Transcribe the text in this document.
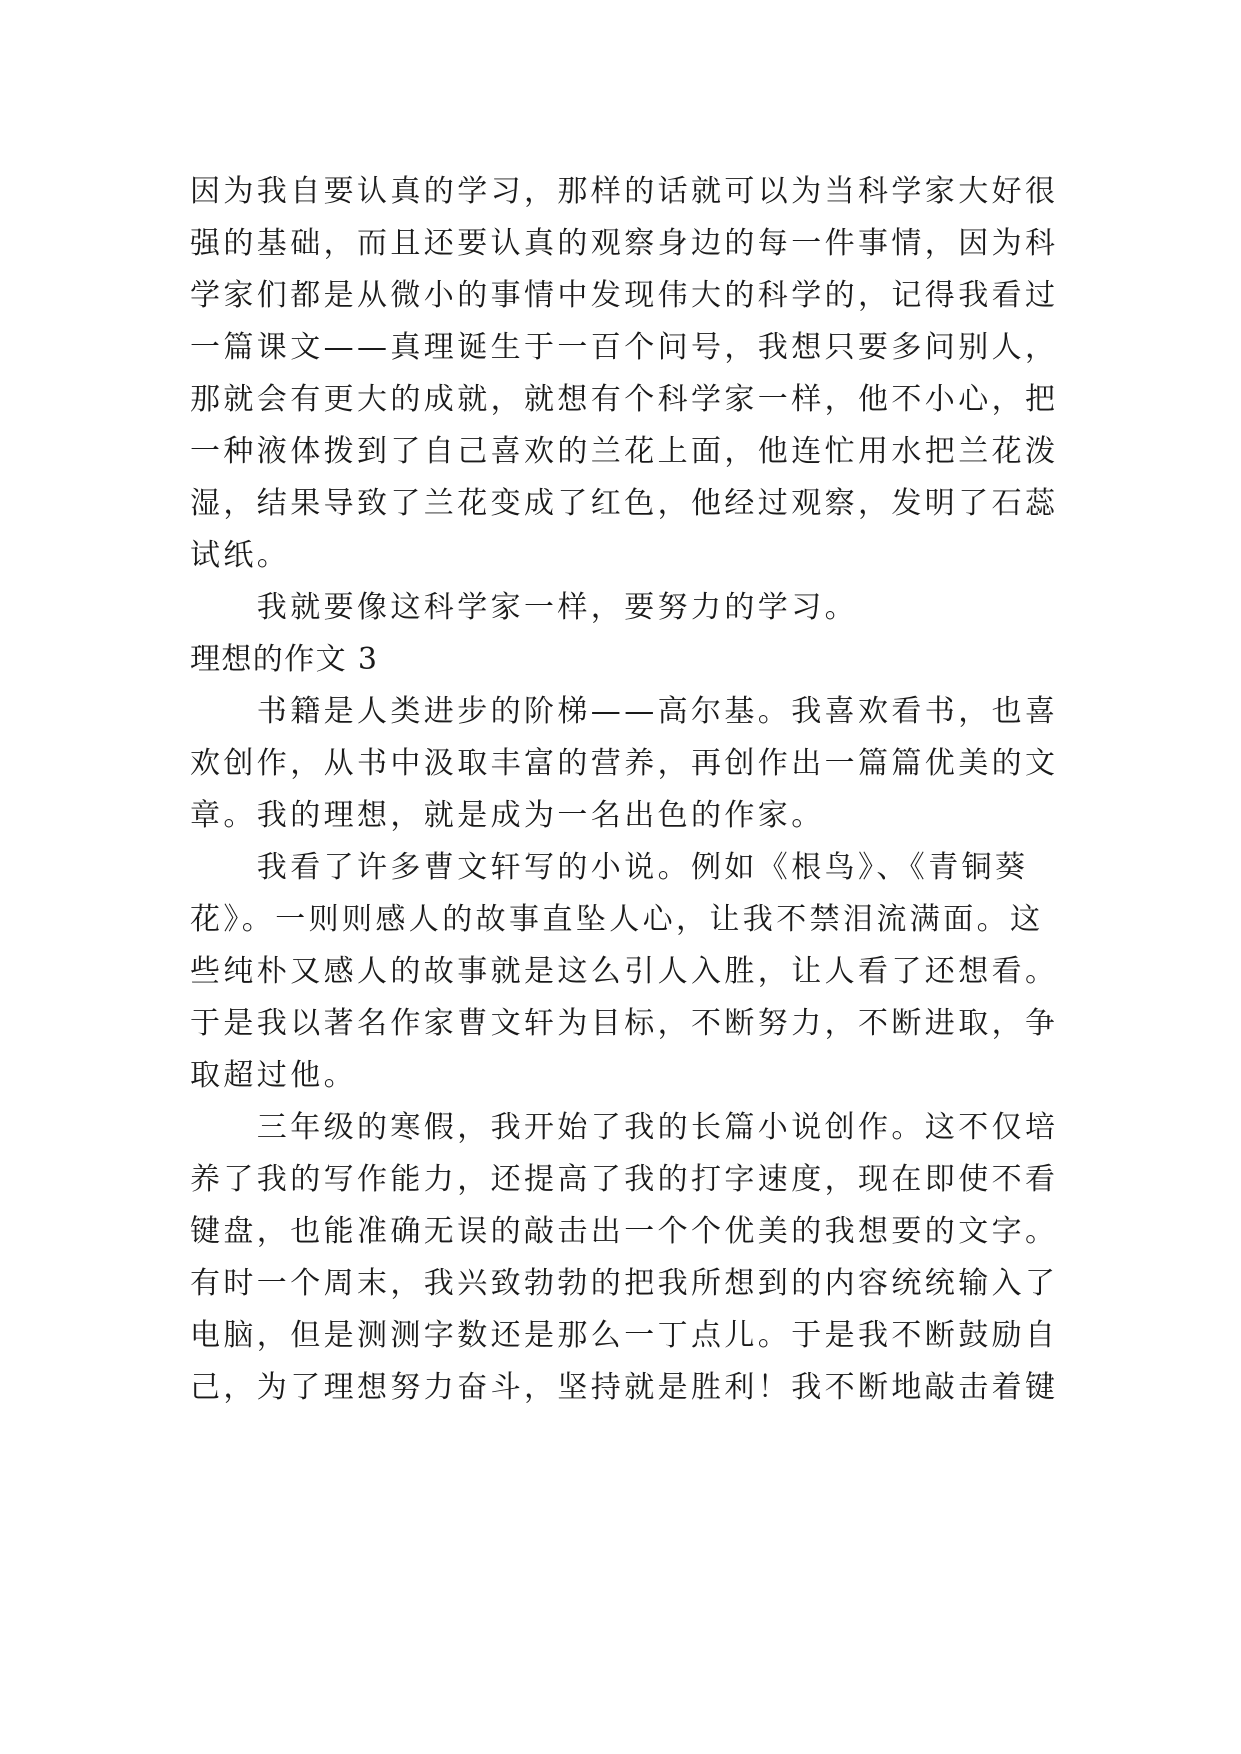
因为我自要认真的学习，那样的话就可以为当科学家大好很
强的基础，而且还要认真的观察身边的每一件事情，因为科
学家们都是从微小的事情中发现伟大的科学的，记得我看过
一篇课文——真理诞生于一百个问号，我想只要多问别人，
那就会有更大的成就，就想有个科学家一样，他不小心，把
一种液体拨到了自己喜欢的兰花上面，他连忙用水把兰花泼
湿，结果导致了兰花变成了红色，他经过观察，发明了石蕊
试纸。
　　我就要像这科学家一样，要努力的学习。
理想的作文 3
　　书籍是人类进步的阶梯——高尔基。我喜欢看书，也喜
欢创作，从书中汲取丰富的营养，再创作出一篇篇优美的文
章。我的理想，就是成为一名出色的作家。
　　我看了许多曹文轩写的小说。例如《根鸟》、《青铜葵
花》。一则则感人的故事直坠人心，让我不禁泪流满面。这
些纯朴又感人的故事就是这么引人入胜，让人看了还想看。
于是我以著名作家曹文轩为目标，不断努力，不断进取，争
取超过他。
　　三年级的寒假，我开始了我的长篇小说创作。这不仅培
养了我的写作能力，还提高了我的打字速度，现在即使不看
键盘，也能准确无误的敲击出一个个优美的我想要的文字。
有时一个周末，我兴致勃勃的把我所想到的内容统统输入了
电脑，但是测测字数还是那么一丁点儿。于是我不断鼓励自
己，为了理想努力奋斗，坚持就是胜利！我不断地敲击着键
